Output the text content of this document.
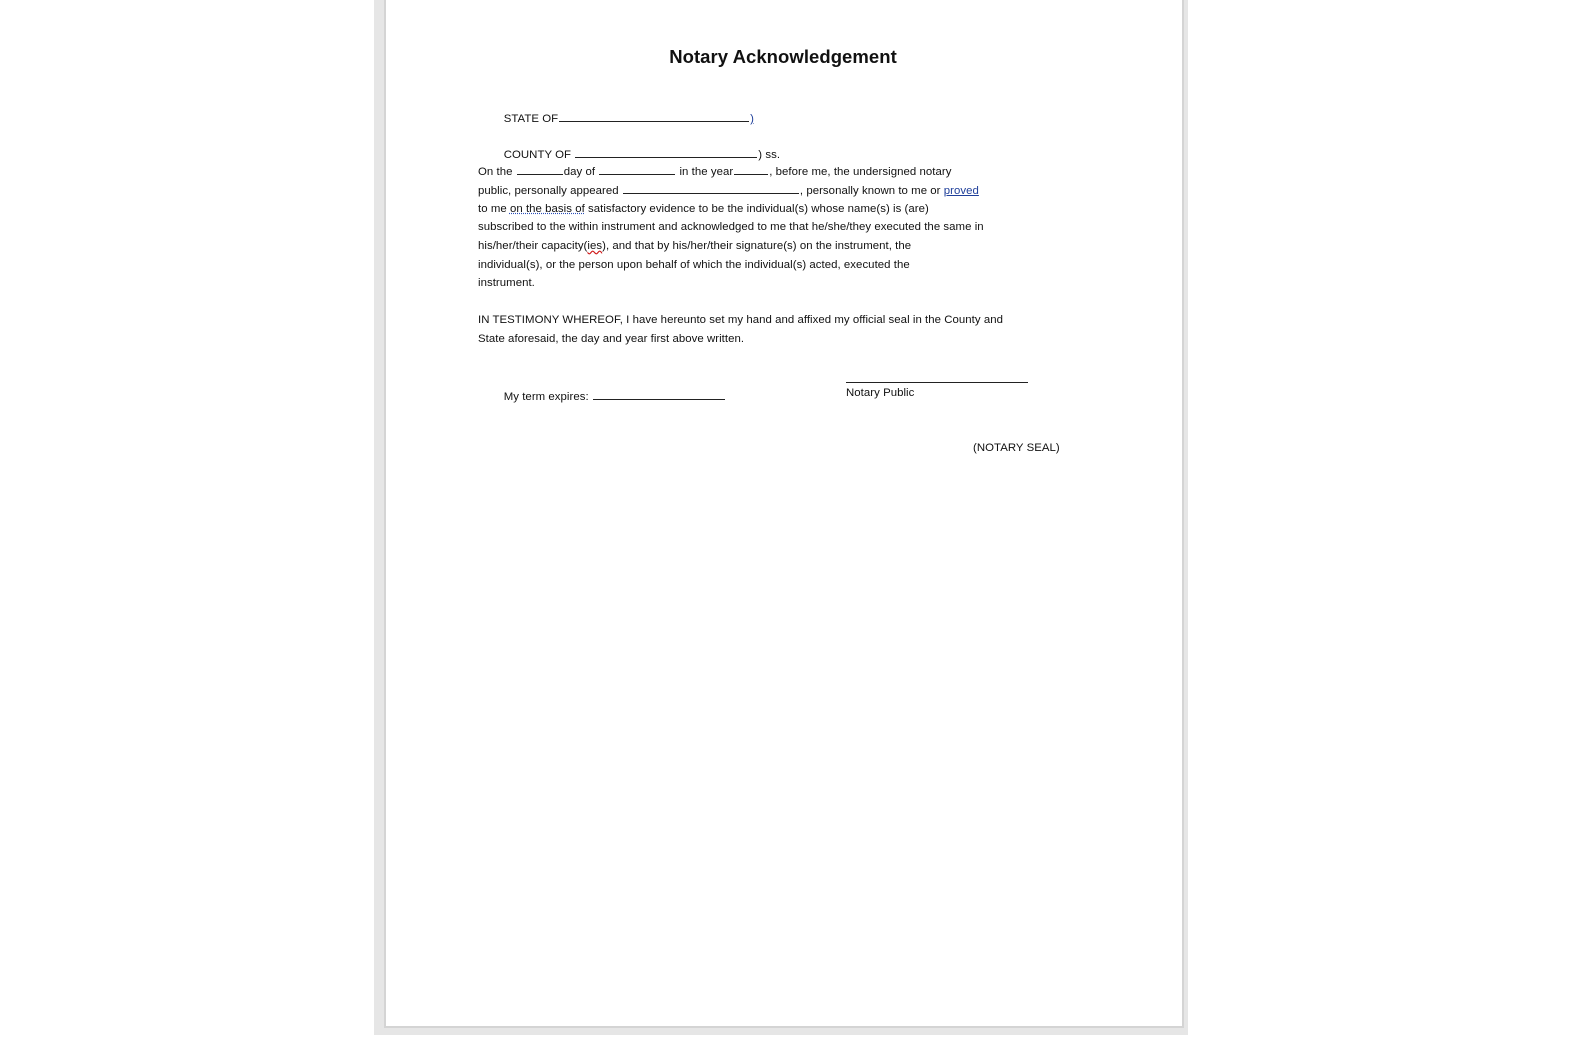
Notary Acknowledgement

STATE OF	)

COUNTY OF	) ss.

On the	day of	in the year	, before me, the undersigned notary
public, personally appeared	, personally known to me or proved
to me on the basis of satisfactory evidence to be the individual(s) whose name(s) is (are)
subscribed to the within instrument and acknowledged to me that he/she/they executed the same in
his/her/their capacity(ies), and that by his/her/their signature(s) on the instrument, the
individual(s), or the person upon behalf of which the individual(s) acted, executed the
instrument.
IN TESTIMONY WHEREOF, I have hereunto set my hand and affixed my official seal in the County and
State aforesaid, the day and year first above written.

My term expires:
	Notary Public
(NOTARY SEAL)
